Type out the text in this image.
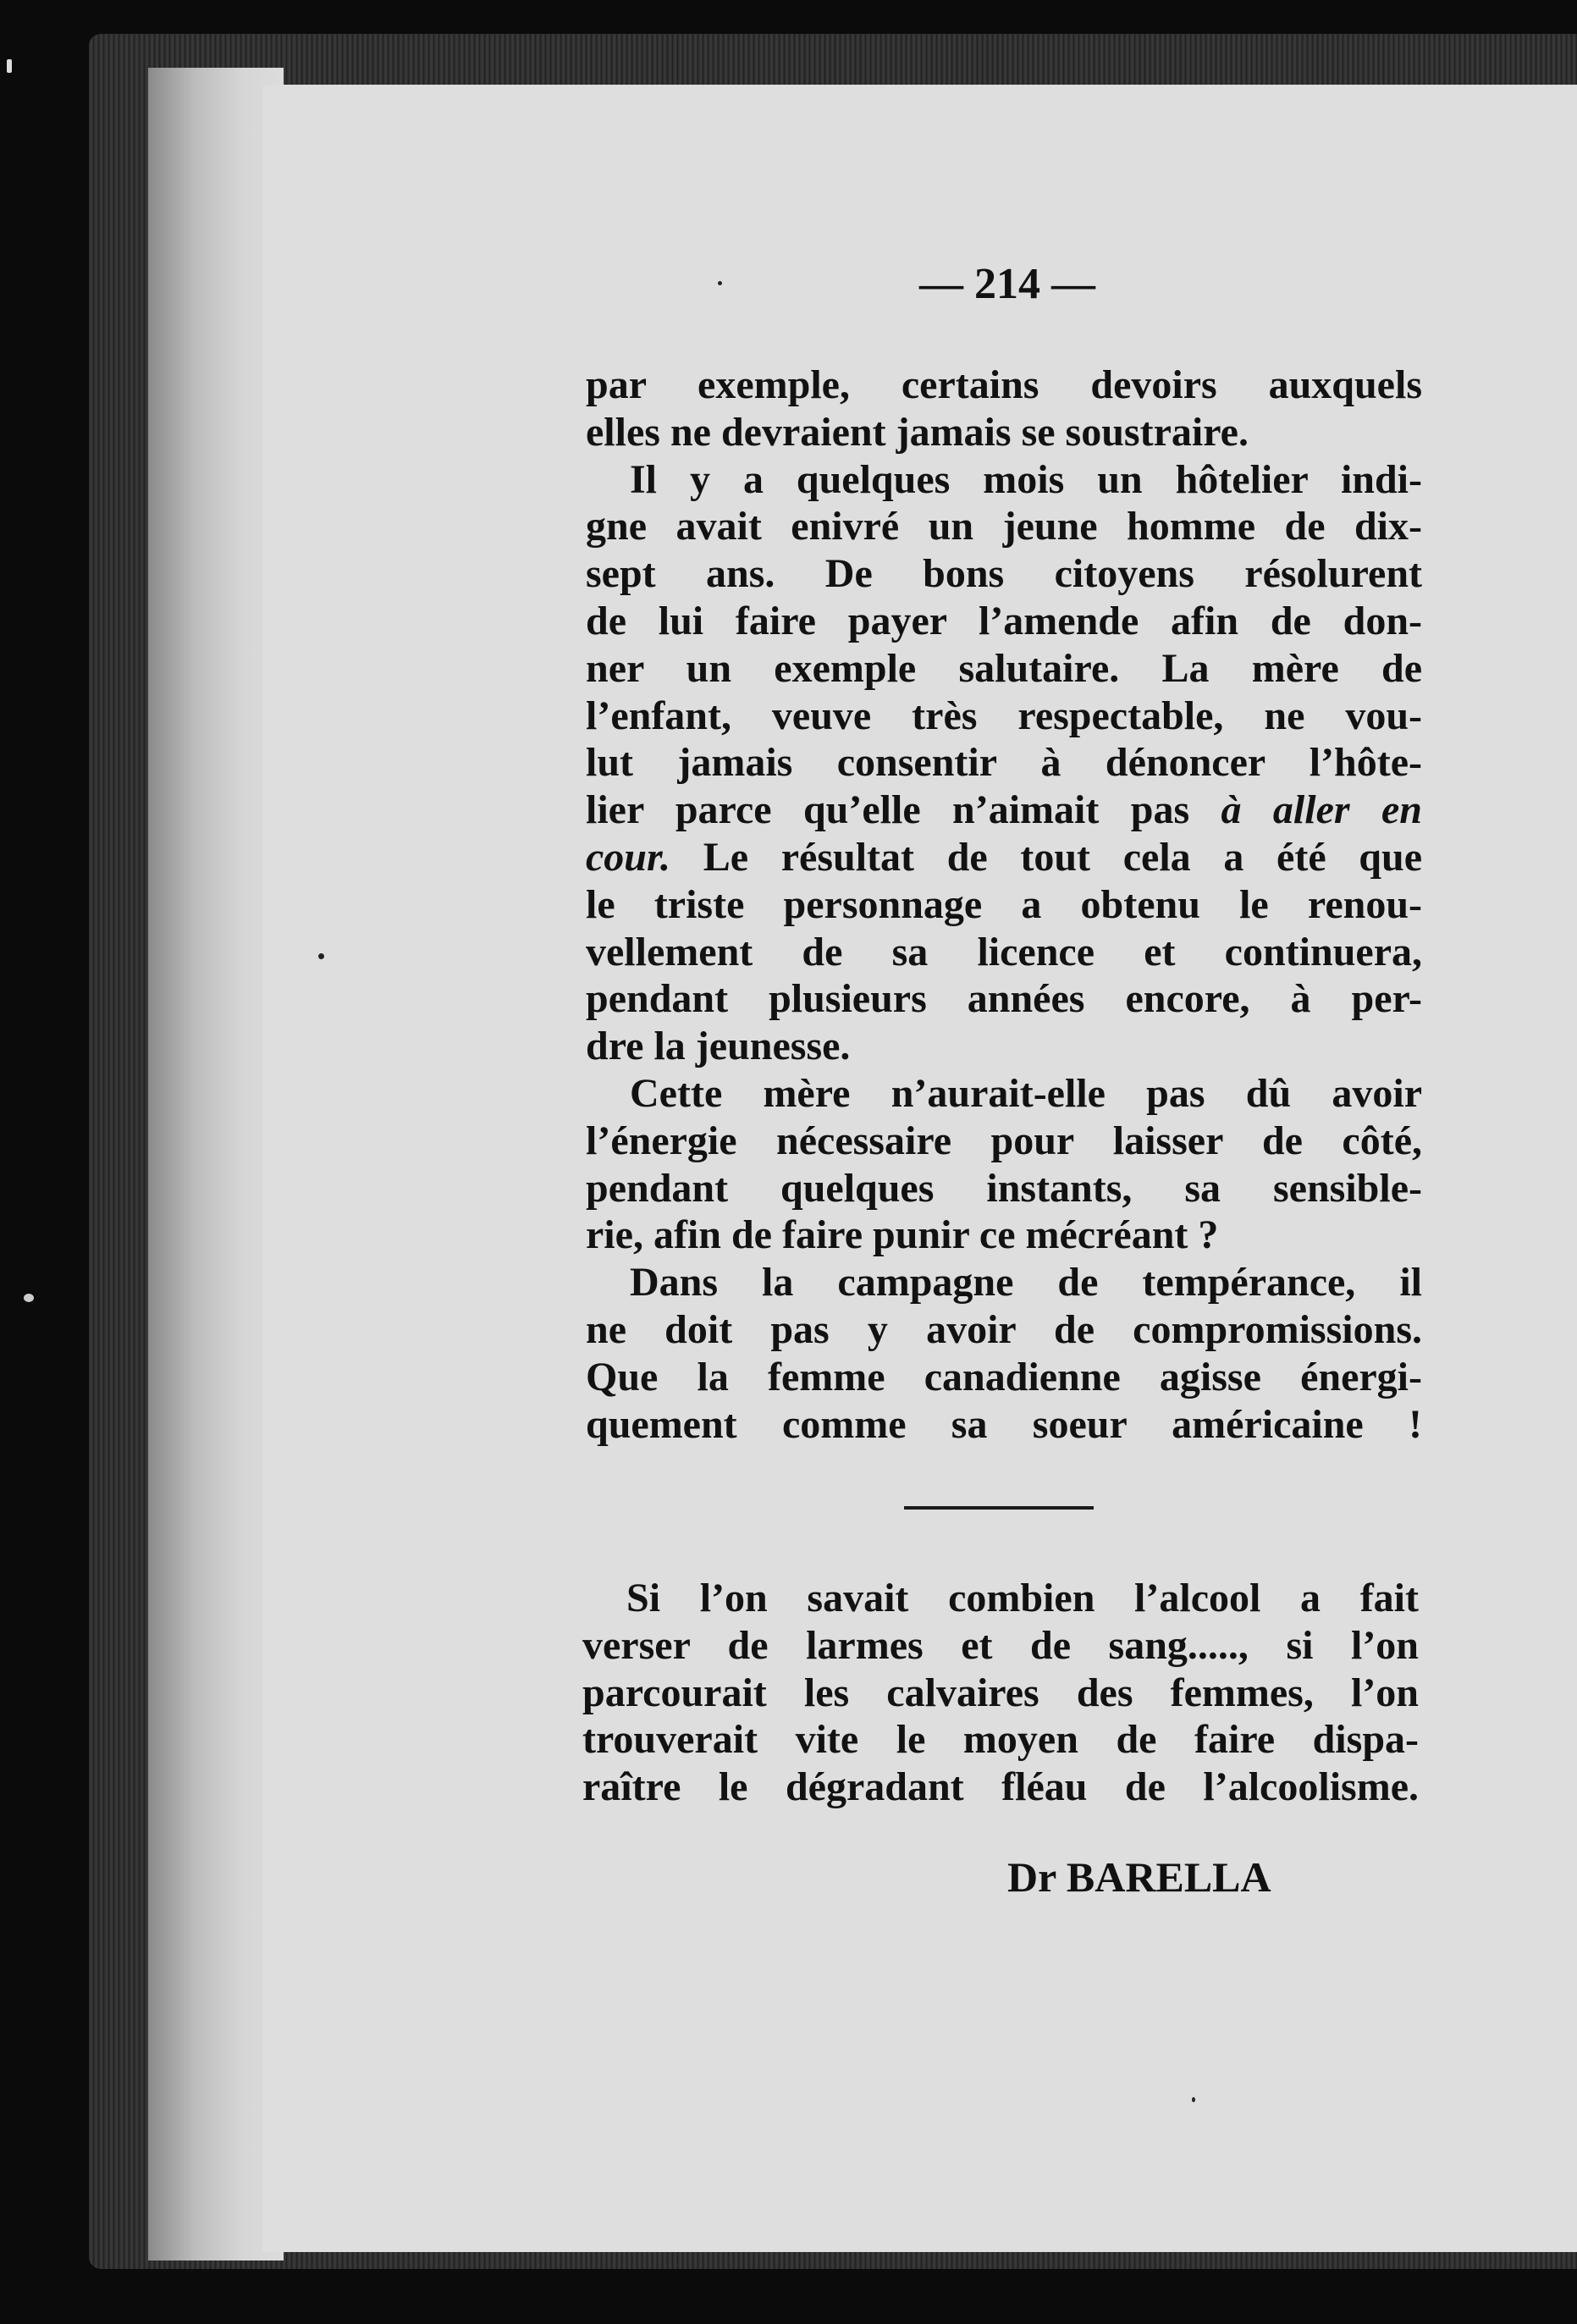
— 214 —
par exemple, certains devoirs auxquels
elles ne devraient jamais se soustraire.
Il y a quelques mois un hôtelier indi-
gne avait enivré un jeune homme de dix-
sept ans. De bons citoyens résolurent
de lui faire payer l’amende afin de don-
ner un exemple salutaire. La mère de
l’enfant, veuve très respectable, ne vou-
lut jamais consentir à dénoncer l’hôte-
lier parce qu’elle n’aimait pas à aller en
cour. Le résultat de tout cela a été que
le triste personnage a obtenu le renou-
vellement de sa licence et continuera,
pendant plusieurs années encore, à per-
dre la jeunesse.
Cette mère n’aurait-elle pas dû avoir
l’énergie nécessaire pour laisser de côté,
pendant quelques instants, sa sensible-
rie, afin de faire punir ce mécréant ?
Dans la campagne de tempérance, il
ne doit pas y avoir de compromissions.
Que la femme canadienne agisse énergi-
quement comme sa soeur américaine !
Si l’on savait combien l’alcool a fait
verser de larmes et de sang....., si l’on
parcourait les calvaires des femmes, l’on
trouverait vite le moyen de faire dispa-
raître le dégradant fléau de l’alcoolisme.
Dr BARELLA
